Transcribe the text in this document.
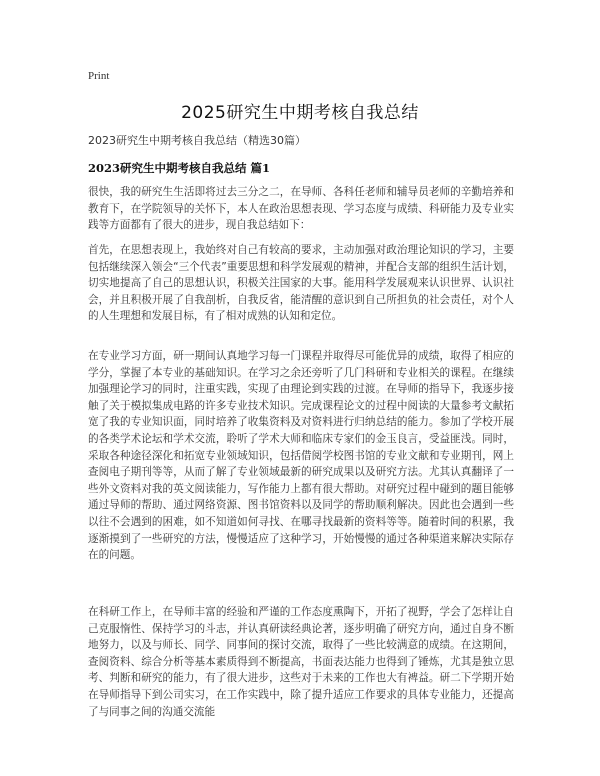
Print
2025研究生中期考核自我总结
2023研究生中期考核自我总结（精选30篇）
2023研究生中期考核自我总结 篇1

很快，我的研究生生活即将过去三分之二，在导师、各科任老师和辅导员老师的辛勤培养和教育下，在学院领导的关怀下，本人在政治思想表现、学习态度与成绩、科研能力及专业实践等方面都有了很大的进步，现自我总结如下：

首先，在思想表现上，我始终对自己有较高的要求，主动加强对政治理论知识的学习，主要包括继续深入领会“三个代表”重要思想和科学发展观的精神，并配合支部的组织生活计划，切实地提高了自己的思想认识，积极关注国家的大事。能用科学发展观来认识世界、认识社会，并且积极开展了自我剖析，自我反省，能清醒的意识到自己所担负的社会责任，对个人的人生理想和发展目标，有了相对成熟的认知和定位。

在专业学习方面，研一期间认真地学习每一门课程并取得尽可能优异的成绩，取得了相应的学分，掌握了本专业的基础知识。在学习之余还旁听了几门科研和专业相关的课程。在继续加强理论学习的同时，注重实践，实现了由理论到实践的过渡。在导师的指导下，我逐步接触了关于模拟集成电路的许多专业技术知识。完成课程论文的过程中阅读的大量参考文献拓宽了我的专业知识面，同时培养了收集资料及对资料进行归纳总结的能力。参加了学校开展的各类学术论坛和学术交流，聆听了学术大师和临床专家们的金玉良言，受益匪浅。同时，采取各种途径深化和拓宽专业领域知识，包括借阅学校图书馆的专业文献和专业期刊，网上查阅电子期刊等等，从而了解了专业领域最新的研究成果以及研究方法。尤其认真翻译了一些外文资料对我的英文阅读能力，写作能力上都有很大帮助。对研究过程中碰到的题目能够通过导师的帮助、通过网络资源、图书馆资料以及同学的帮助顺利解决。因此也会遇到一些以往不会遇到的困难，如不知道如何寻找、在哪寻找最新的资料等等。随着时间的积累，我逐渐摸到了一些研究的方法，慢慢适应了这种学习，开始慢慢的通过各种渠道来解决实际存在的问题。

在科研工作上，在导师丰富的经验和严谨的工作态度熏陶下，开拓了视野，学会了怎样让自己克服惰性、保持学习的斗志，并认真研读经典论著，逐步明确了研究方向，通过自身不断地努力，以及与师长、同学、同事间的探讨交流，取得了一些比较满意的成绩。在这期间，查阅资料、综合分析等基本素质得到不断提高，书面表达能力也得到了锤炼，尤其是独立思考、判断和研究的能力，有了很大进步，这些对于未来的工作也大有裨益。研二下学期开始在导师指导下到公司实习，在工作实践中，除了提升适应工作要求的具体专业能力，还提高了与同事之间的沟通交流能
